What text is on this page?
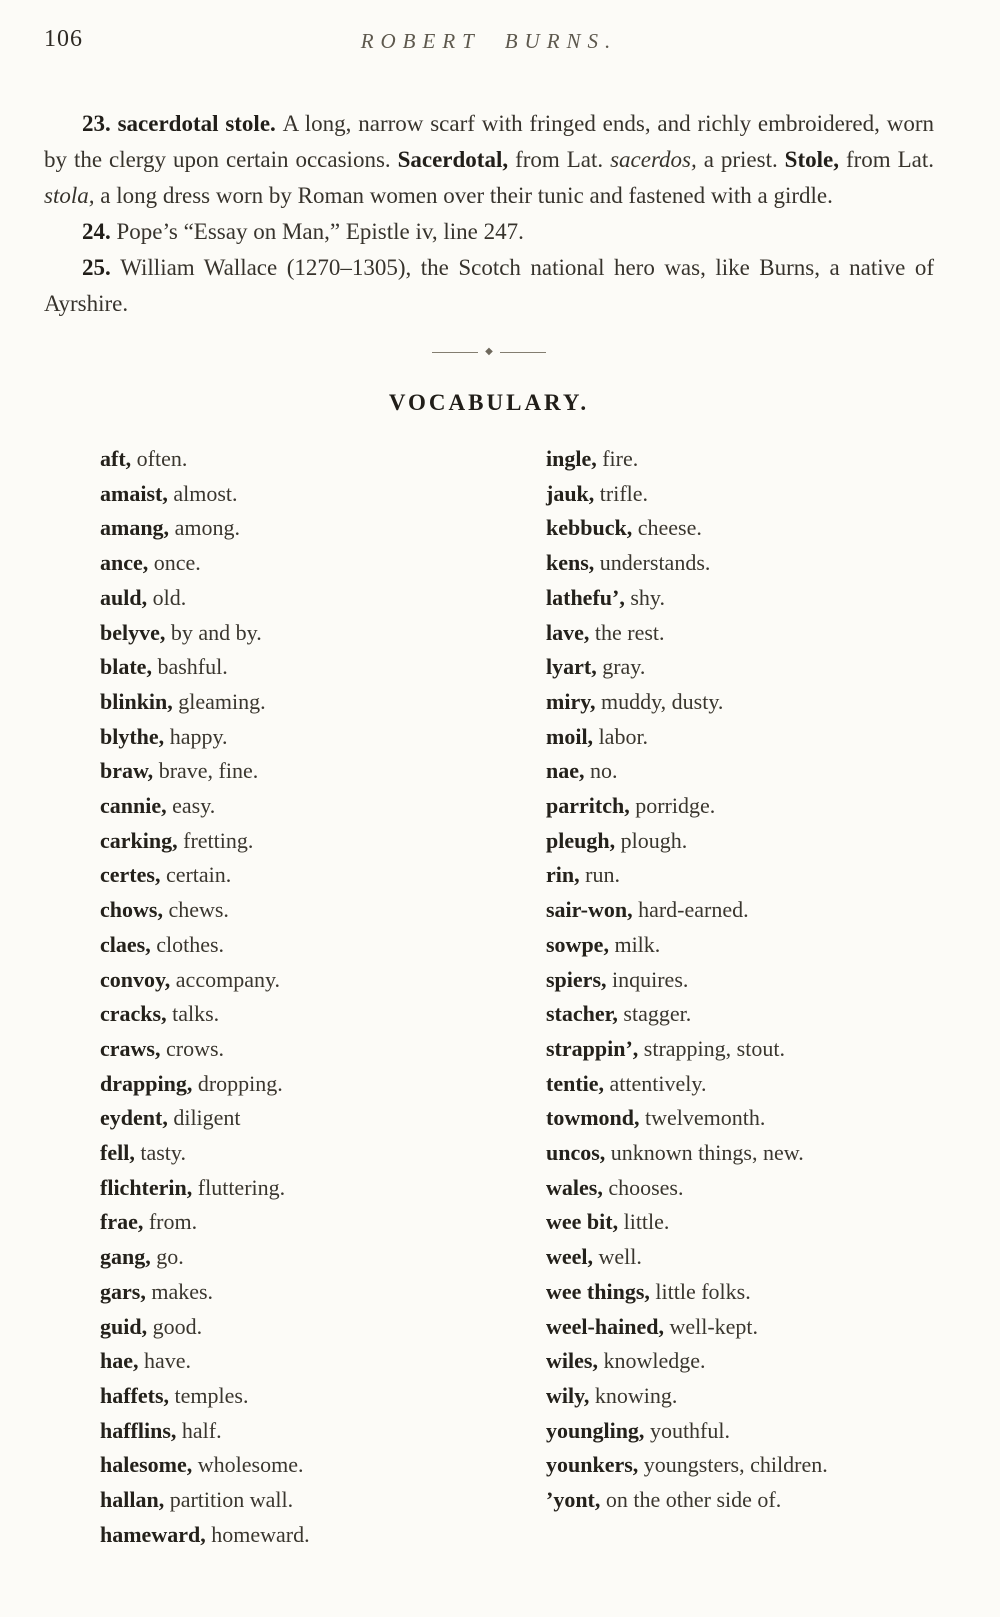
106	ROBERT BURNS.

23. sacerdotal stole. A long, narrow scarf with fringed ends, and richly embroidered, worn by the clergy upon certain occasions. Sacerdotal, from Lat. sacerdos, a priest. Stole, from Lat. stola, a long dress worn by Roman women over their tunic and fastened with a girdle.

24. Pope’s “Essay on Man,” Epistle iv, line 247.

25. William Wallace (1270–1305), the Scotch national hero was, like Burns, a native of Ayrshire.

◆
VOCABULARY.
aft, often.
amaist, almost.
amang, among.
ance, once.
auld, old.
belyve, by and by.
blate, bashful.
blinkin, gleaming.
blythe, happy.
braw, brave, fine.
cannie, easy.
carking, fretting.
certes, certain.
chows, chews.
claes, clothes.
convoy, accompany.
cracks, talks.
craws, crows.
drapping, dropping.
eydent, diligent
fell, tasty.
flichterin, fluttering.
frae, from.
gang, go.
gars, makes.
guid, good.
hae, have.
haffets, temples.
hafflins, half.
halesome, wholesome.
hallan, partition wall.
hameward, homeward.
ingle, fire.
jauk, trifle.
kebbuck, cheese.
kens, understands.
lathefu’, shy.
lave, the rest.
lyart, gray.
miry, muddy, dusty.
moil, labor.
nae, no.
parritch, porridge.
pleugh, plough.
rin, run.
sair-won, hard-earned.
sowpe, milk.
spiers, inquires.
stacher, stagger.
strappin’, strapping, stout.
tentie, attentively.
towmond, twelvemonth.
uncos, unknown things, new.
wales, chooses.
wee bit, little.
weel, well.
wee things, little folks.
weel-hained, well-kept.
wiles, knowledge.
wily, knowing.
youngling, youthful.
younkers, youngsters, children.
’yont, on the other side of.
